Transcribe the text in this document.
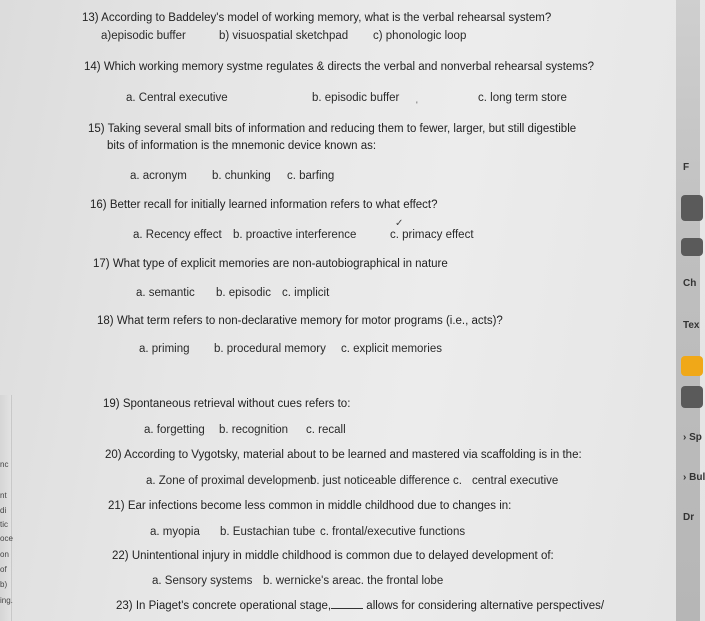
13) According to Baddeley's model of working memory, what is the verbal rehearsal system?
a)episodic buffer	b) visuospatial sketchpad c) phonologic loop
14) Which working memory systme regulates & directs the verbal and nonverbal rehearsal systems?
a. Central executive	b. episodic buffer	c. long term store
15) Taking several small bits of information and reducing them to fewer, larger, but still digestible
bits of information is the mnemonic device known as:
a. acronym b. chunking c. barfing
16) Better recall for initially learned information refers to what effect?
a. Recency effect b. proactive interference
✓
c. primacy effect
17) What type of explicit memories are non-autobiographical in nature
a. semantic b. episodic c. implicit
18) What term refers to non-declarative memory for motor programs (i.e., acts)?
a. priming b. procedural memory c. explicit memories
19) Spontaneous retrieval without cues refers to:
a. forgetting b. recognition c. recall
20) According to Vygotsky, material about to be learned and mastered via scaffolding is in the:
a. Zone of proximal development
b. just noticeable difference c. central executive
21) Ear infections become less common in middle childhood due to changes in:
a. myopia b. Eustachian tube c. frontal/executive functions
22) Unintentional injury in middle childhood is common due to delayed development of:
a. Sensory systems b. wernicke's area c. the frontal lobe
23) In Piaget's concrete operational stage,	allows for considering alternative perspectives/
'
F
Ch
Tex
› Sp
› Bul
Dr
nc
nt
di
tic
oce
on
of
b)
ing.
